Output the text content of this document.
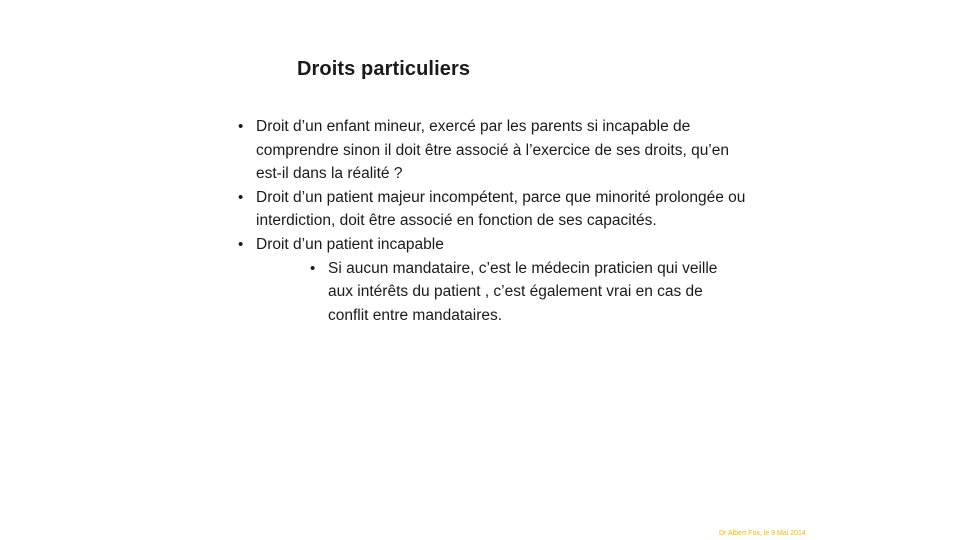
Droits particuliers

• Droit d’un enfant mineur, exercé par les parents si incapable de comprendre sinon il doit être associé à l’exercice de ses droits, qu’en est-il dans la réalité ?

• Droit d’un patient majeur incompétent, parce que minorité prolongée ou interdiction, doit être associé en fonction de ses capacités.

• Droit d’un patient incapable

• Si aucun mandataire, c’est le médecin praticien qui veille aux intérêts du patient , c’est également vrai en cas de conflit entre mandataires.

Dr Albert Fox, le 9 Mai 2014
